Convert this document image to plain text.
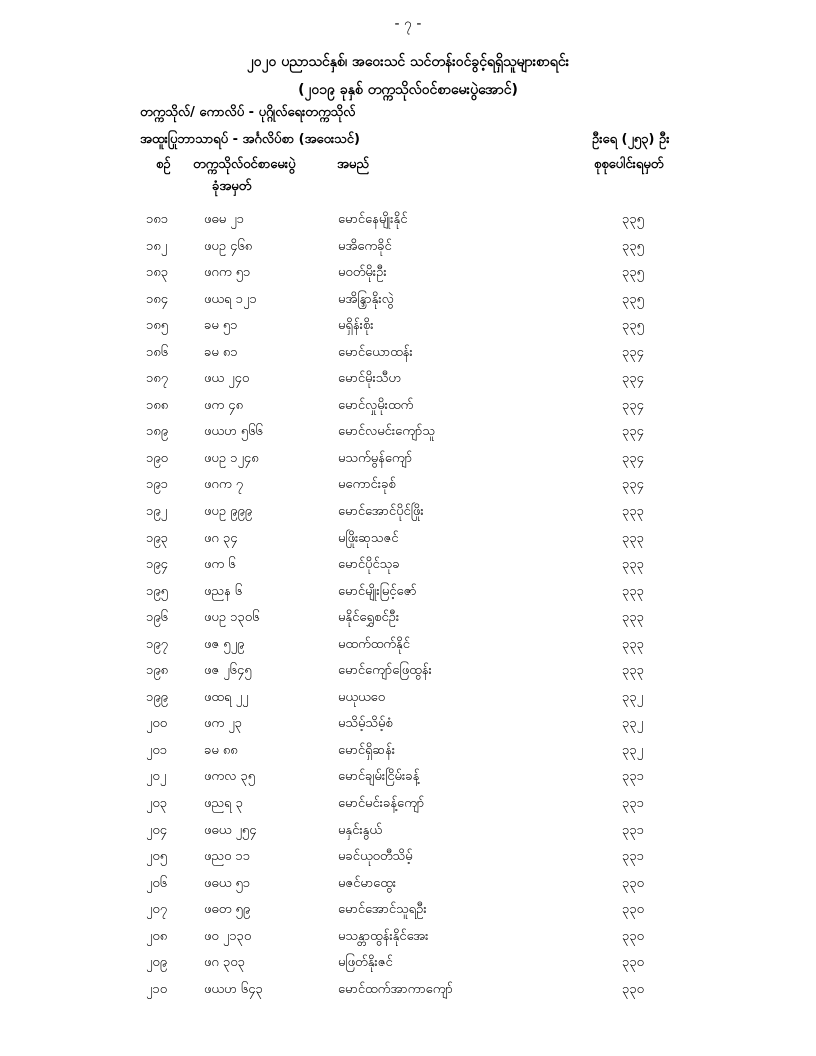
- ၇ -
၂၀၂၀ ပညာသင်နှစ်၊ အဝေးသင် သင်တန်းဝင်ခွင့်ရရှိသူများစာရင်း
(၂၀၁၉ ခုနှစ် တက္ကသိုလ်ဝင်စာမေးပွဲအောင်)
တက္ကသိုလ်/ ကောလိပ် - ပုဂ္ဂိုလ်ရေးတက္ကသိုလ်
အထူးပြုဘာသာရပ် - အင်္ဂလိပ်စာ (အဝေးသင်)	ဦးရေ (၂၅၃) ဦး
စဉ် တက္ကသိုလ်ဝင်စာမေးပွဲ
ခုံအမှတ်
အမည်	စုစုပေါင်းရမှတ်
၁၈၁	ဖဓမ ၂၁	မောင်နေမျိုးနိုင်	၃၃၅
၁၈၂	ဖပဥ ၄၆၈	မအိကေခိုင်	၃၃၅
၁၈၃	ဖဂက ၅၁	မဝတ်မိုးဦး	၃၃၅
၁၈၄	ဖယရ ၁၂၁	မအိန္ဒြာနိုးလွဲ	၃၃၅
၁၈၅	ခမ ၅၁	မရှိန်းစိုး	၃၃၅
၁၈၆	ခမ ၈၁	မောင်ယောထန်း	၃၃၄
၁၈၇	ဖယ ၂၄၀	မောင်မိုးသီဟ	၃၃၄
၁၈၈	ဖက ၄၈	မောင်လှုမိုးထက်	၃၃၄
၁၈၉	ဖယဟ ၅၆၆	မောင်လမင်းကျော်သူ	၃၃၄
၁၉၀	ဖပဥ ၁၂၄၈	မသက်မွန်ကျော်	၃၃၄
၁၉၁	ဖဂက ၇	မကောင်းခုစ်	၃၃၄
၁၉၂	ဖပဥ ၉၉၉	မောင်အောင်ပိုင်ဖြိုး	၃၃၃
၁၉၃	ဖဂ ၃၄	မဖြိုးဆုသဇင်	၃၃၃
၁၉၄	ဖက ၆	မောင်ပိုင်သုခ	၃၃၃
၁၉၅	ဖညန ၆	မောင်မျိုးမြင့်ဇော်	၃၃၃
၁၉၆	ဖပဥ ၁၃၀၆	မနိုင်ရွှေစင်ဦး	၃၃၃
၁၉၇	ဖဇ ၅၂၉	မထက်ထက်နိုင်	၃၃၃
၁၉၈	ဖဇ ၂၆၄၅	မောင်ကျော်ဖြေထွန်း	၃၃၃
၁၉၉	ဖထရ ၂၂	မယုယဝေ	၃၃၂
၂၀၀	ဖက ၂၃	မသိမ့်သိမ့်စံ	၃၃၂
၂၀၁	ခမ ၈၈	မောင်ရှိဆန်း	၃၃၂
၂၀၂	ဖကလ ၃၅	မောင်ချမ်းငြိမ်းခန့်	၃၃၁
၂၀၃	ဖညရ ၃	မောင်မင်းခန့်ကျော်	၃၃၁
၂၀၄	ဖဓယ ၂၅၄	မနှင်းနွယ်	၃၃၁
၂၀၅	ဖညဝ ၁၁	မခင်ယုဝတီသိမ့်	၃၃၁
၂၀၆	ဖဓယ ၅၁	မဇင်မာထွေး	၃၃၀
၂၀၇	ဖဓတ ၅၉	မောင်အောင်သူရဦး	၃၃၀
၂၀၈	ဖဝ ၂၁၃၀	မသန္တာထွန်းနိုင်အေး	၃၃၀
၂၀၉	ဖဂ ၃၀၃	မဖြတ်နိုးဇင်	၃၃၀
၂၁၀	ဖယဟ ၆၄၃	မောင်ထက်အာကာကျော်	၃၃၀
